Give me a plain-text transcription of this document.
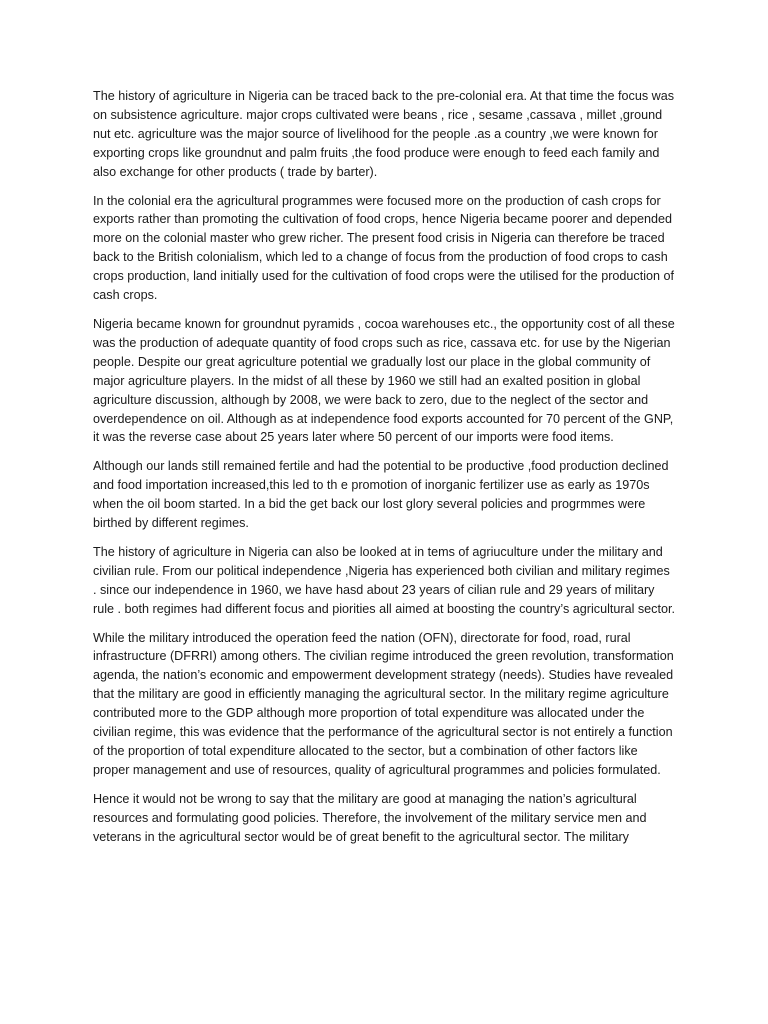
The history of agriculture in Nigeria can be traced back to the pre-colonial era. At that time the focus was on subsistence agriculture. major crops cultivated were beans , rice , sesame ,cassava , millet ,ground nut etc. agriculture was the major source of livelihood for the people .as a country ,we were known for exporting crops like groundnut and palm fruits ,the food produce were enough to feed each family and also exchange for other products ( trade by barter).

In the colonial era the agricultural programmes were focused more on the production of cash crops for exports rather than promoting the cultivation of food crops, hence Nigeria became poorer and depended more on the colonial master who grew richer. The present food crisis in Nigeria can therefore be traced back to the British colonialism, which led to a change of focus from the production of food crops to cash crops production, land initially used for the cultivation of food crops were the utilised for the production of cash crops.

Nigeria became known for groundnut pyramids , cocoa warehouses etc., the opportunity cost of all these was the production of adequate quantity of food crops such as rice, cassava etc. for use by the Nigerian people. Despite our great agriculture potential we gradually lost our place in the global community of major agriculture players. In the midst of all these by 1960 we still had an exalted position in global agriculture discussion, although by 2008, we were back to zero, due to the neglect of the sector and overdependence on oil. Although as at independence food exports accounted for 70 percent of the GNP, it was the reverse case about 25 years later where 50 percent of our imports were food items.

Although our lands still remained fertile and had the potential to be productive ,food production declined and food importation increased,this led to th e promotion of inorganic fertilizer use as early as 1970s when the oil boom started. In a bid the get back our lost glory several policies and progrmmes were birthed by different regimes.

The history of agriculture in Nigeria can also be looked at in tems of agriuculture under the military and civilian rule. From our political independence ,Nigeria has experienced both civilian and military regimes . since our independence in 1960, we have hasd about 23 years of cilian rule and 29 years of military rule . both regimes had different focus and piorities all aimed at boosting the country’s agricultural sector.

While the military introduced the operation feed the nation (OFN), directorate for food, road, rural infrastructure (DFRRI) among others. The civilian regime introduced the green revolution, transformation agenda, the nation’s economic and empowerment development strategy (needs). Studies have revealed that the military are good in efficiently managing the agricultural sector. In the military regime agriculture contributed more to the GDP although more proportion of total expenditure was allocated under the civilian regime, this was evidence that the performance of the agricultural sector is not entirely a function of the proportion of total expenditure allocated to the sector, but a combination of other factors like proper management and use of resources, quality of agricultural programmes and policies formulated.

Hence it would not be wrong to say that the military are good at managing the nation’s agricultural resources and formulating good policies. Therefore, the involvement of the military service men and veterans in the agricultural sector would be of great benefit to the agricultural sector. The military
